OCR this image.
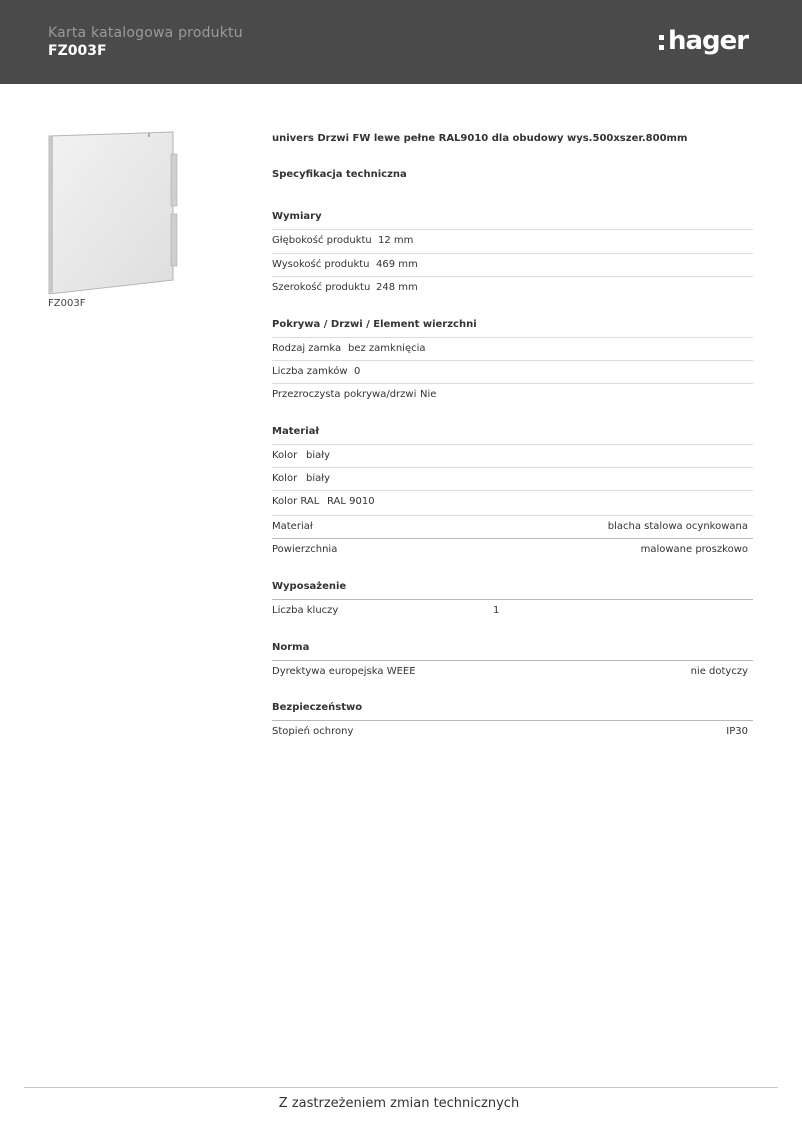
Karta katalogowa produktu
FZ003F	hager
FZ003F
univers Drzwi FW lewe pełne RAL9010 dla obudowy wys.500xszer.800mm
Specyfikacja techniczna
Wymiary
Głębokość produktu 12 mm
Wysokość produktu 469 mm
Szerokość produktu 248 mm
Pokrywa / Drzwi / Element wierzchni
Rodzaj zamka bez zamknięcia
Liczba zamków 0
Przezroczysta pokrywa/drzwi Nie
Materiał
Kolor biały
Kolor biały
Kolor RAL RAL 9010
Materiał	blacha stalowa ocynkowana
Powierzchnia	malowane proszkowo
Wyposażenie
Liczba kluczy	1
Norma
Dyrektywa europejska WEEE	nie dotyczy
Bezpieczeństwo
Stopień ochrony	IP30
Z zastrzeżeniem zmian technicznych
